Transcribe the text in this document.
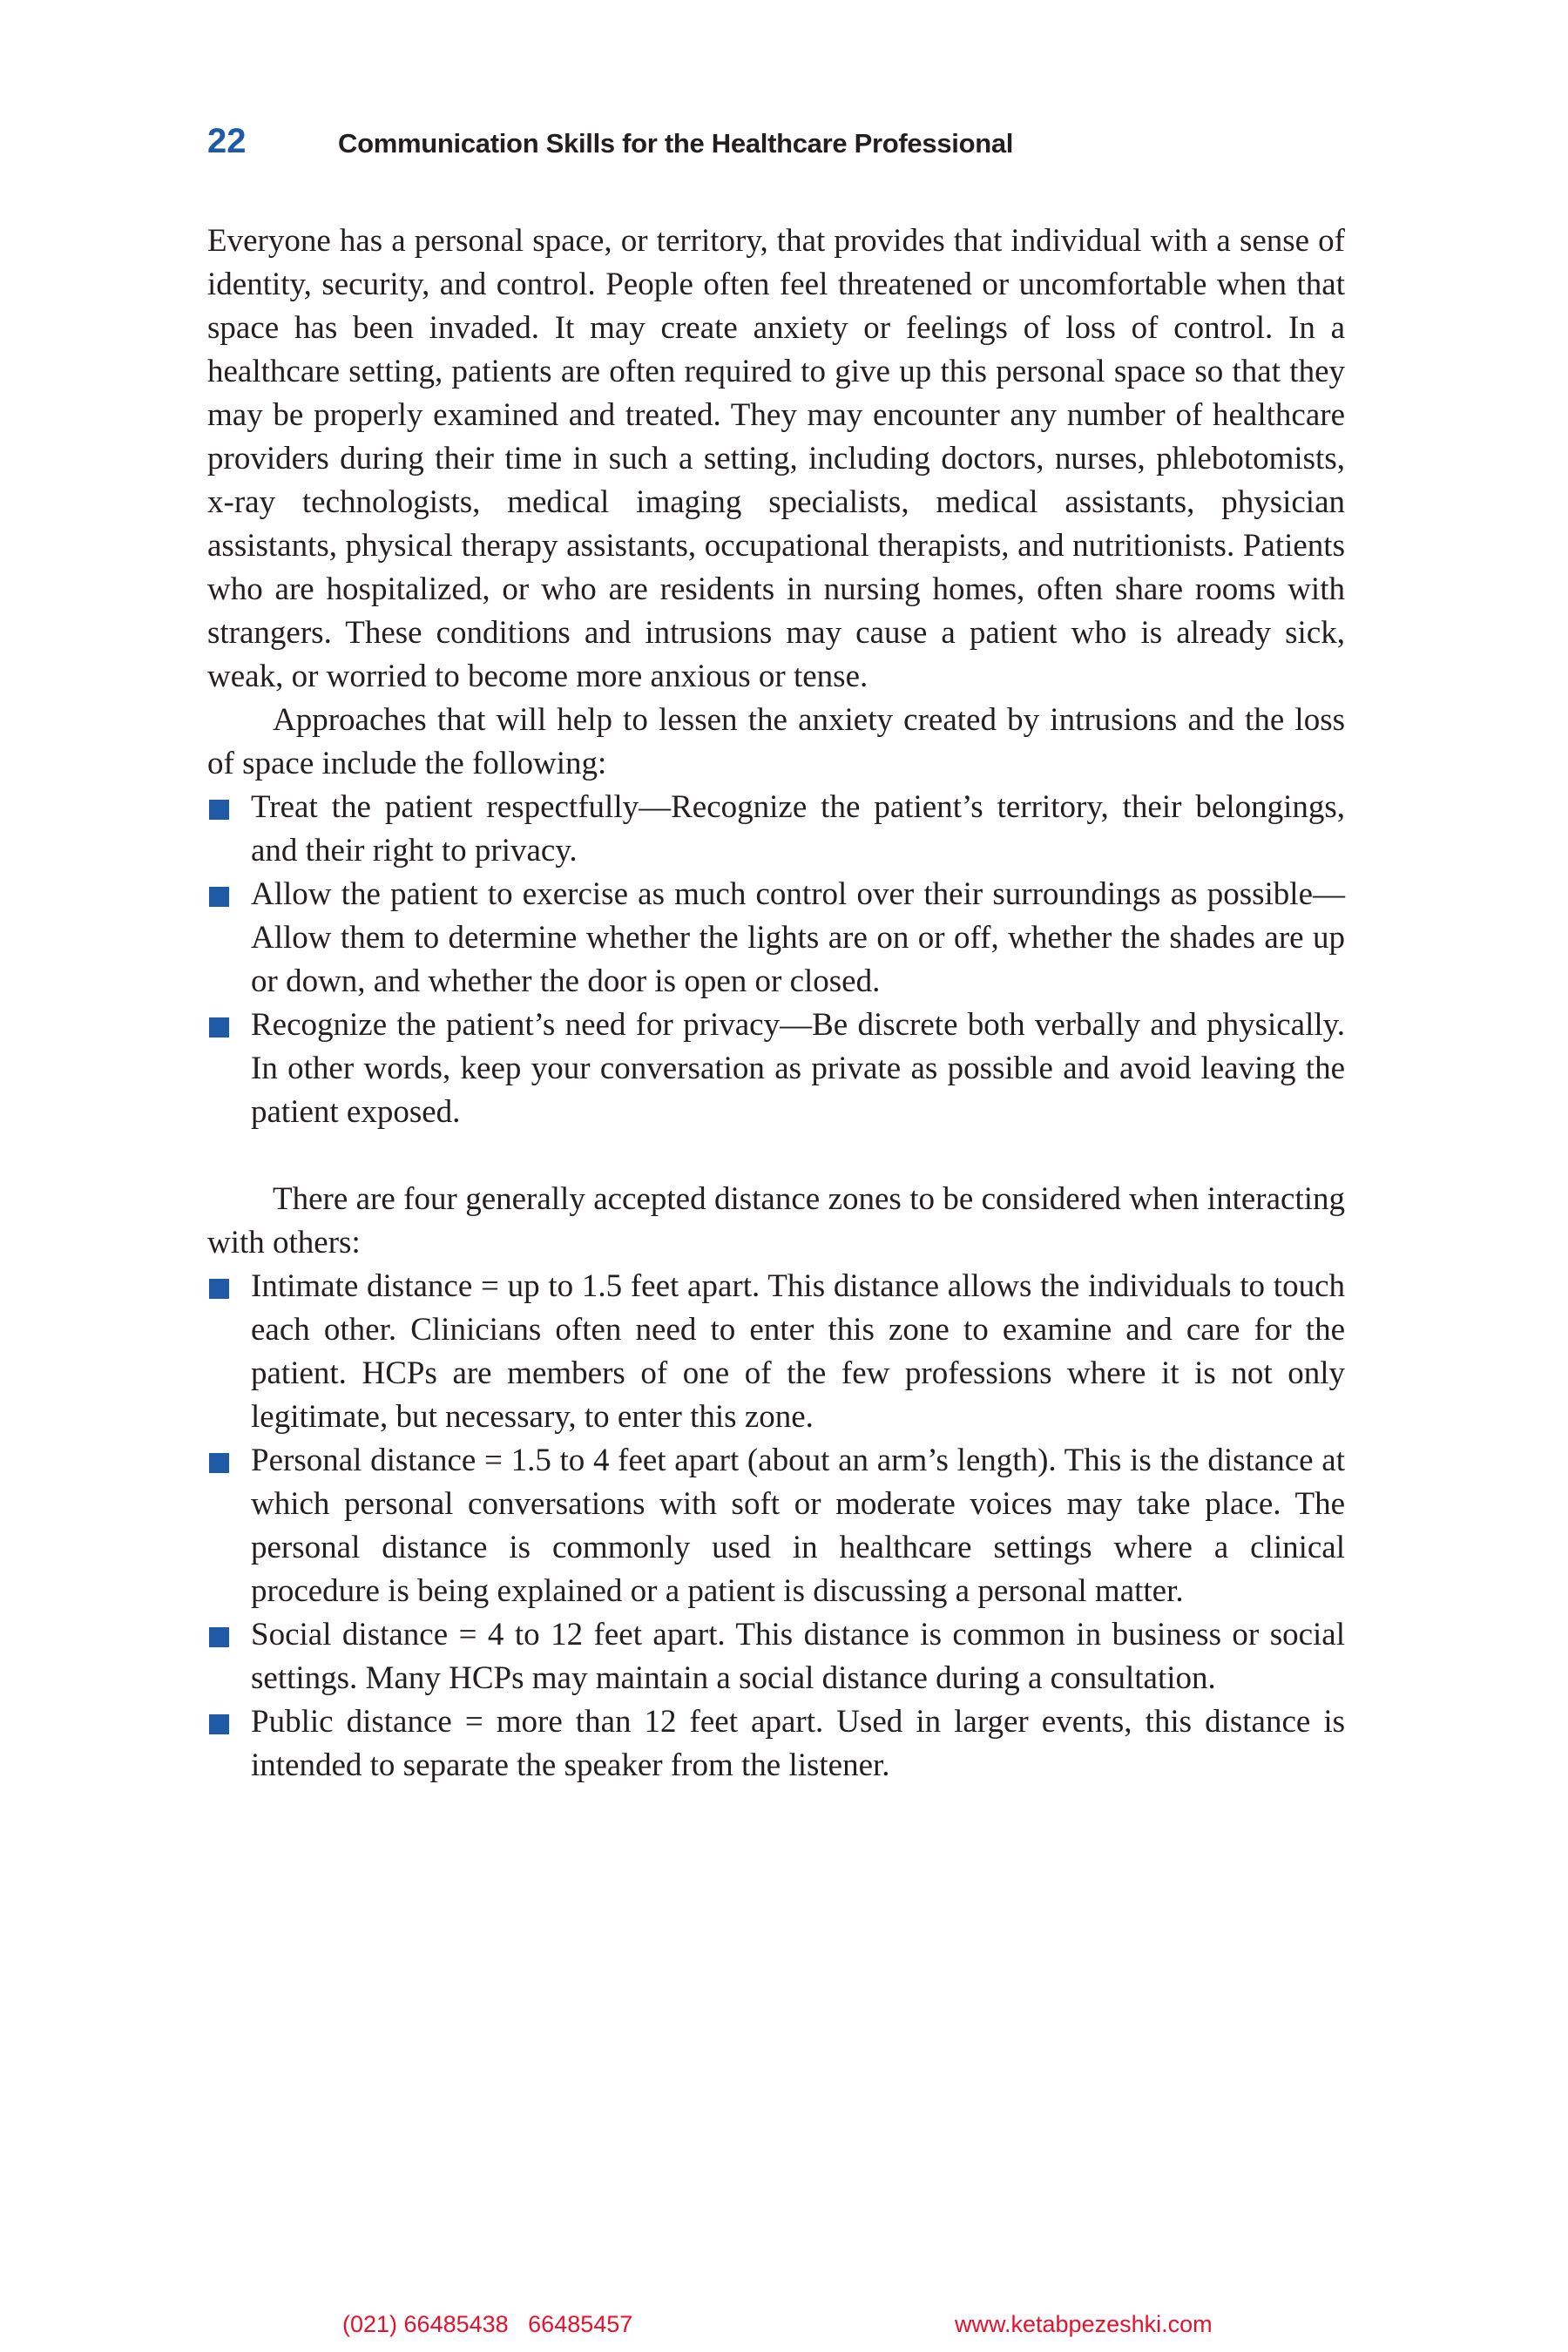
22	Communication Skills for the Healthcare Professional

Everyone has a personal space, or territory, that provides that individual with a sense of identity, security, and control. People often feel threatened or uncomfortable when that space has been invaded. It may create anxiety or feelings of loss of control. In a healthcare setting, patients are often required to give up this personal space so that they may be properly examined and treated. They may encounter any number of healthcare providers during their time in such a setting, including doctors, nurses, phlebotomists, x-ray technologists, medical imaging specialists, medical assistants, physician assistants, physical therapy assistants, occupational therapists, and nutritionists. Patients who are hospitalized, or who are residents in nursing homes, often share rooms with strangers. These conditions and intrusions may cause a patient who is already sick, weak, or worried to become more anxious or tense.

Approaches that will help to lessen the anxiety created by intrusions and the loss of space include the following:

Treat the patient respectfully—Recognize the patient’s territory, their belongings, and their right to privacy.
Allow the patient to exercise as much control over their surroundings as possible—Allow them to determine whether the lights are on or off, whether the shades are up or down, and whether the door is open or closed.
Recognize the patient’s need for privacy—Be discrete both verbally and physically. In other words, keep your conversation as private as possible and avoid leaving the patient exposed.

There are four generally accepted distance zones to be considered when interacting with others:

Intimate distance = up to 1.5 feet apart. This distance allows the individuals to touch each other. Clinicians often need to enter this zone to examine and care for the patient. HCPs are members of one of the few professions where it is not only legitimate, but necessary, to enter this zone.
Personal distance = 1.5 to 4 feet apart (about an arm’s length). This is the distance at which personal conversations with soft or moderate voices may take place. The personal distance is commonly used in healthcare settings where a clinical procedure is being explained or a patient is discussing a personal matter.
Social distance = 4 to 12 feet apart. This distance is common in business or social settings. Many HCPs may maintain a social distance during a consultation.
Public distance = more than 12 feet apart. Used in larger events, this distance is intended to separate the speaker from the listener.
(021) 66485438   66485457	www.ketabpezeshki.com
